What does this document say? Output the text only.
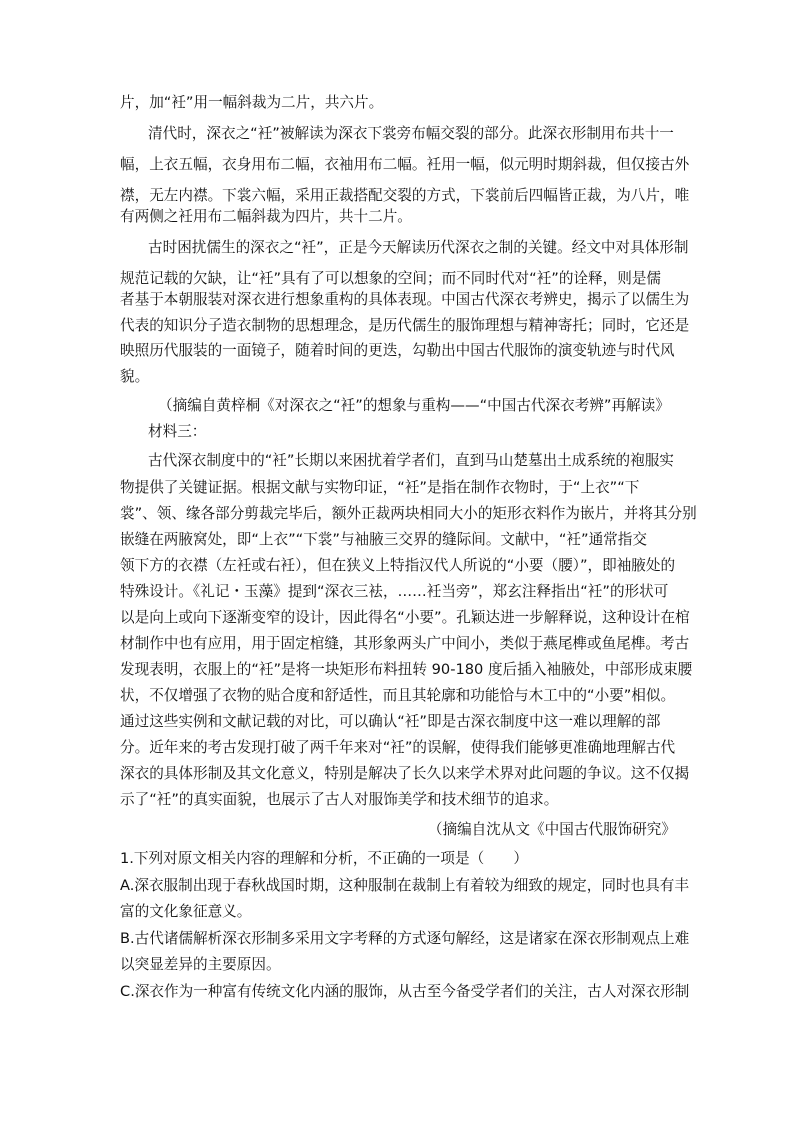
片，加“衽”用一幅斜裁为二片，共六片。
清代时，深衣之“衽”被解读为深衣下裳旁布幅交裂的部分。此深衣形制用布共十一
幅，上衣五幅，衣身用布二幅，衣袖用布二幅。衽用一幅，似元明时期斜裁，但仅接古外
襟，无左内襟。下裳六幅，采用正裁搭配交裂的方式，下裳前后四幅皆正裁，为八片，唯
有两侧之衽用布二幅斜裁为四片，共十二片。
古时困扰儒生的深衣之“衽”，正是今天解读历代深衣之制的关键。经文中对具体形制
规范记载的欠缺，让“衽”具有了可以想象的空间；而不同时代对“衽”的诠释，则是儒
者基于本朝服装对深衣进行想象重构的具体表现。中国古代深衣考辨史，揭示了以儒生为
代表的知识分子造衣制物的思想理念，是历代儒生的服饰理想与精神寄托；同时，它还是
映照历代服装的一面镜子，随着时间的更迭，勾勒出中国古代服饰的演变轨迹与时代风
貌。
（摘编自黄梓桐《对深衣之“衽”的想象与重构——“中国古代深衣考辨”再解读》
材料三：
古代深衣制度中的“衽”长期以来困扰着学者们，直到马山楚墓出土成系统的袍服实
物提供了关键证据。根据文献与实物印证，“衽”是指在制作衣物时，于“上衣”“下
裳”、领、缘各部分剪裁完毕后，额外正裁两块相同大小的矩形衣料作为嵌片，并将其分别
嵌缝在两腋窝处，即“上衣”“下裳”与袖腋三交界的缝际间。文献中，“衽”通常指交
领下方的衣襟（左衽或右衽），但在狭义上特指汉代人所说的“小要（腰）”，即袖腋处的
特殊设计。《礼记・玉藻》提到“深衣三袪，……衽当旁”，郑玄注释指出“衽”的形状可
以是向上或向下逐渐变窄的设计，因此得名“小要”。孔颖达进一步解释说，这种设计在棺
材制作中也有应用，用于固定棺缝，其形象两头广中间小，类似于燕尾榫或鱼尾榫。考古
发现表明，衣服上的“衽”是将一块矩形布料扭转 90-180 度后插入袖腋处，中部形成束腰
状，不仅增强了衣物的贴合度和舒适性，而且其轮廓和功能恰与木工中的“小要”相似。
通过这些实例和文献记载的对比，可以确认“衽”即是古深衣制度中这一难以理解的部
分。近年来的考古发现打破了两千年来对“衽”的误解，使得我们能够更准确地理解古代
深衣的具体形制及其文化意义，特别是解决了长久以来学术界对此问题的争议。这不仅揭
示了“衽”的真实面貌，也展示了古人对服饰美学和技术细节的追求。
（摘编自沈从文《中国古代服饰研究》
1.下列对原文相关内容的理解和分析，不正确的一项是（　　）
A.深衣服制出现于春秋战国时期，这种服制在裁制上有着较为细致的规定，同时也具有丰
富的文化象征意义。
B.古代诸儒解析深衣形制多采用文字考释的方式逐句解经，这是诸家在深衣形制观点上难
以突显差异的主要原因。
C.深衣作为一种富有传统文化内涵的服饰，从古至今备受学者们的关注，古人对深衣形制
